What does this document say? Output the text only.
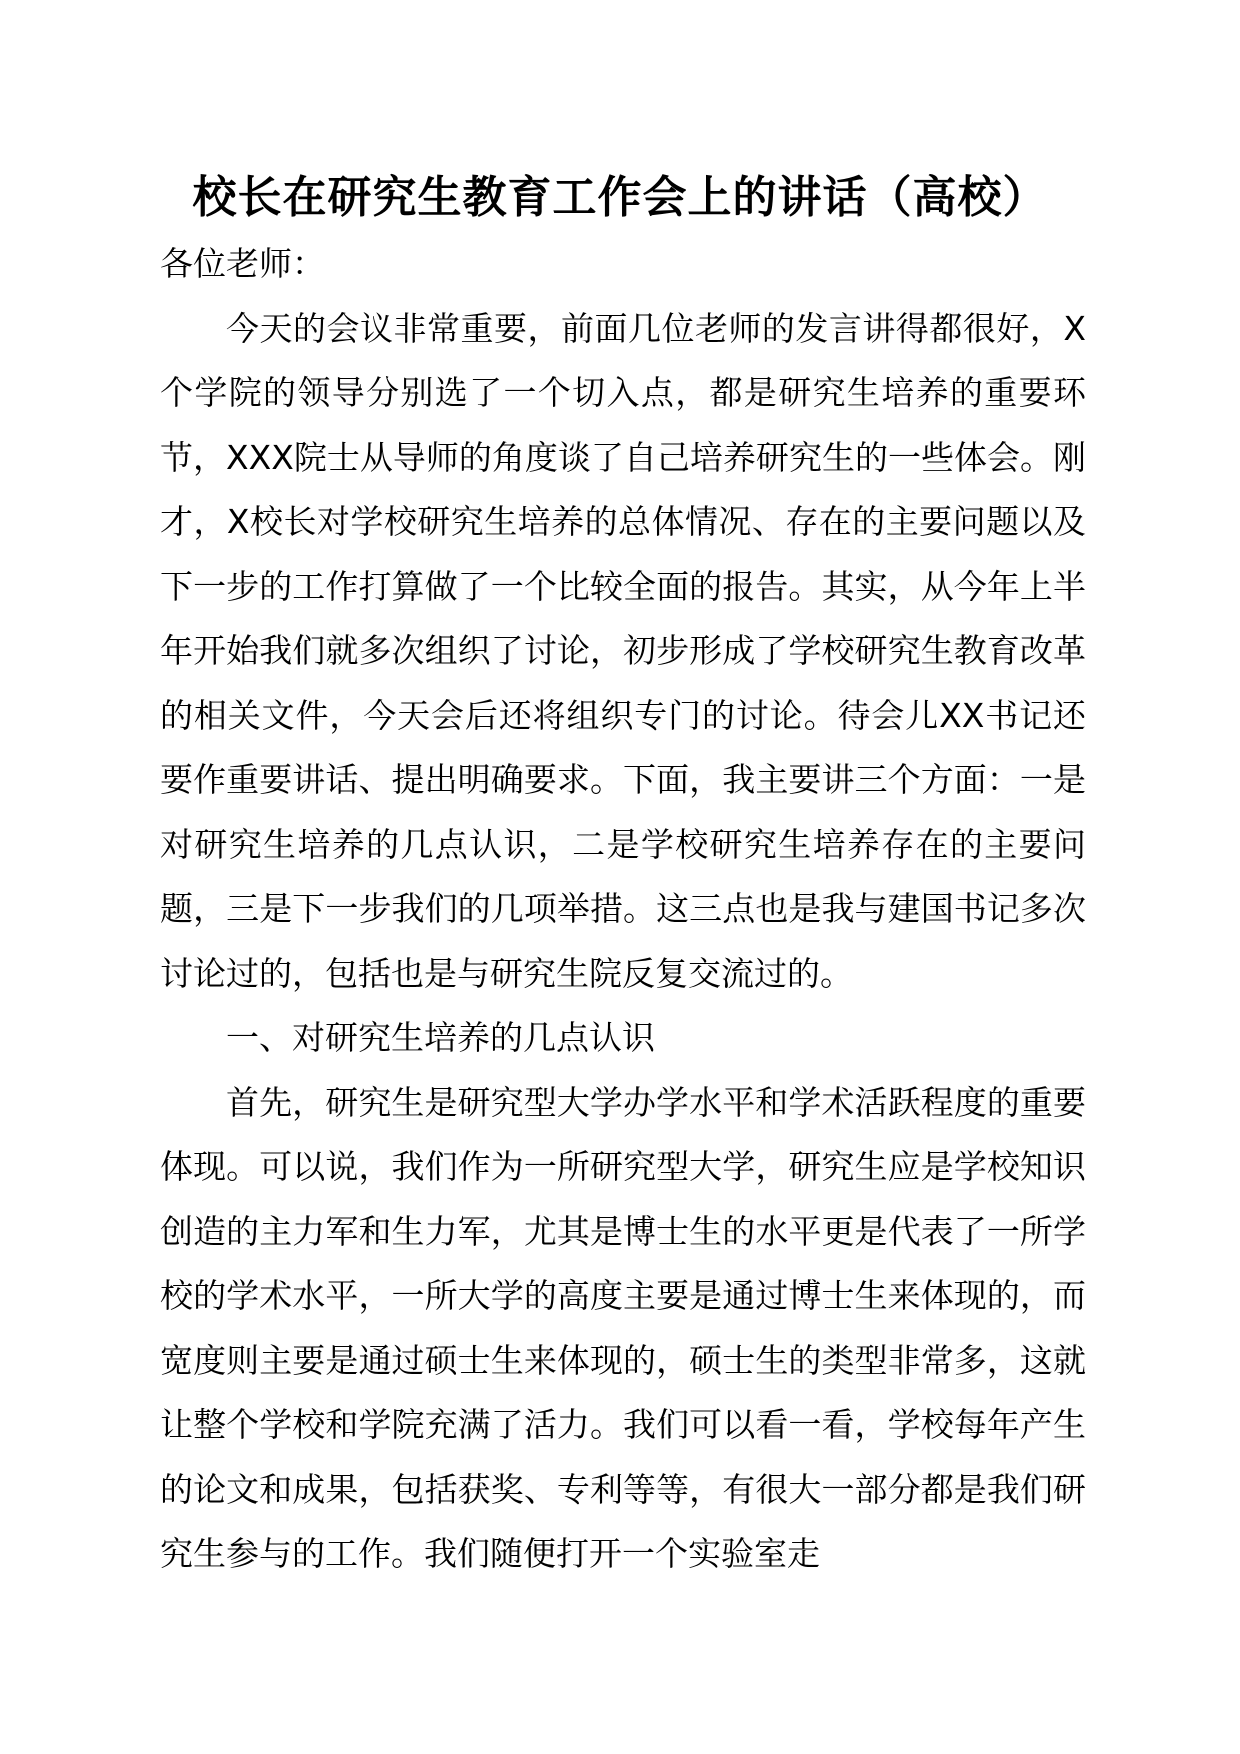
校长在研究生教育工作会上的讲话（高校）

各位老师：

今天的会议非常重要，前面几位老师的发言讲得都很好，X个学院的领导分别选了一个切入点，都是研究生培养的重要环节，XXX院士从导师的角度谈了自己培养研究生的一些体会。刚才，X校长对学校研究生培养的总体情况、存在的主要问题以及下一步的工作打算做了一个比较全面的报告。其实，从今年上半年开始我们就多次组织了讨论，初步形成了学校研究生教育改革的相关文件，今天会后还将组织专门的讨论。待会儿XX书记还要作重要讲话、提出明确要求。下面，我主要讲三个方面：一是对研究生培养的几点认识，二是学校研究生培养存在的主要问题，三是下一步我们的几项举措。这三点也是我与建国书记多次讨论过的，包括也是与研究生院反复交流过的。

一、对研究生培养的几点认识

首先，研究生是研究型大学办学水平和学术活跃程度的重要体现。可以说，我们作为一所研究型大学，研究生应是学校知识创造的主力军和生力军，尤其是博士生的水平更是代表了一所学校的学术水平，一所大学的高度主要是通过博士生来体现的，而宽度则主要是通过硕士生来体现的，硕士生的类型非常多，这就让整个学校和学院充满了活力。我们可以看一看，学校每年产生的论文和成果，包括获奖、专利等等，有很大一部分都是我们研究生参与的工作。我们随便打开一个实验室走
